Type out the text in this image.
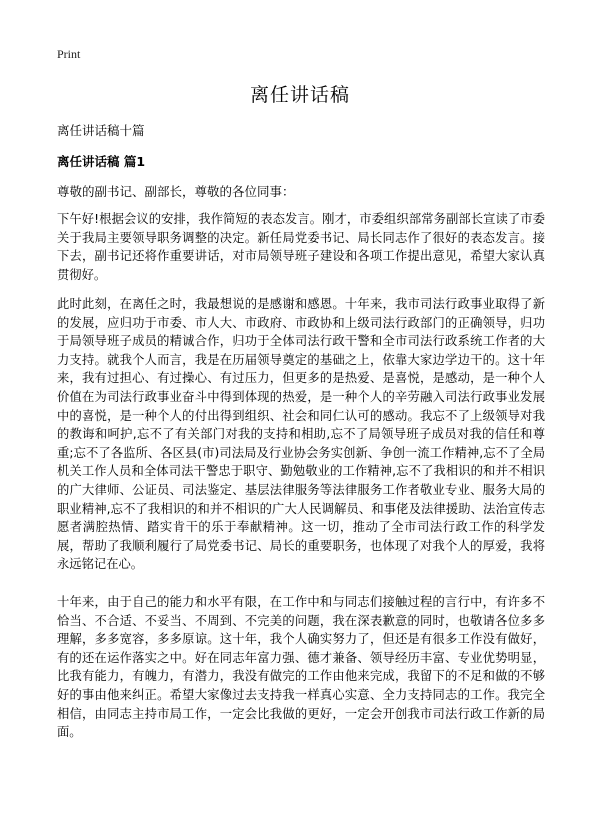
Print
离任讲话稿
离任讲话稿十篇
离任讲话稿 篇1
尊敬的副书记、副部长，尊敬的各位同事：

下午好!根据会议的安排，我作简短的表态发言。刚才，市委组织部常务副部长宣读了市委关于我局主要领导职务调整的决定。新任局党委书记、局长同志作了很好的表态发言。接下去，副书记还将作重要讲话，对市局领导班子建设和各项工作提出意见，希望大家认真贯彻好。

此时此刻，在离任之时，我最想说的是感谢和感恩。十年来，我市司法行政事业取得了新的发展，应归功于市委、市人大、市政府、市政协和上级司法行政部门的正确领导，归功于局领导班子成员的精诚合作，归功于全体司法行政干警和全市司法行政系统工作者的大力支持。就我个人而言，我是在历届领导奠定的基础之上，依靠大家边学边干的。这十年来，我有过担心、有过操心、有过压力，但更多的是热爱、是喜悦，是感动，是一种个人价值在为司法行政事业奋斗中得到体现的热爱，是一种个人的辛劳融入司法行政事业发展中的喜悦，是一种个人的付出得到组织、社会和同仁认可的感动。我忘不了上级领导对我的教诲和呵护,忘不了有关部门对我的支持和相助,忘不了局领导班子成员对我的信任和尊重;忘不了各监所、各区县(市)司法局及行业协会务实创新、争创一流工作精神,忘不了全局机关工作人员和全体司法干警忠于职守、勤勉敬业的工作精神,忘不了我相识的和并不相识的广大律师、公证员、司法鉴定、基层法律服务等法律服务工作者敬业专业、服务大局的职业精神,忘不了我相识的和并不相识的广大人民调解员、和事佬及法律援助、法治宣传志愿者满腔热情、踏实肯干的乐于奉献精神。这一切，推动了全市司法行政工作的科学发展，帮助了我顺利履行了局党委书记、局长的重要职务，也体现了对我个人的厚爱，我将永远铭记在心。

十年来，由于自己的能力和水平有限，在工作中和与同志们接触过程的言行中，有许多不恰当、不合适、不妥当、不周到、不完美的问题，我在深表歉意的同时，也敬请各位多多理解，多多宽容，多多原谅。这十年，我个人确实努力了，但还是有很多工作没有做好，有的还在运作落实之中。好在同志年富力强、德才兼备、领导经历丰富、专业优势明显，比我有能力，有魄力，有潜力，我没有做完的工作由他来完成，我留下的不足和做的不够好的事由他来纠正。希望大家像过去支持我一样真心实意、全力支持同志的工作。我完全相信，由同志主持市局工作，一定会比我做的更好，一定会开创我市司法行政工作新的局面。
